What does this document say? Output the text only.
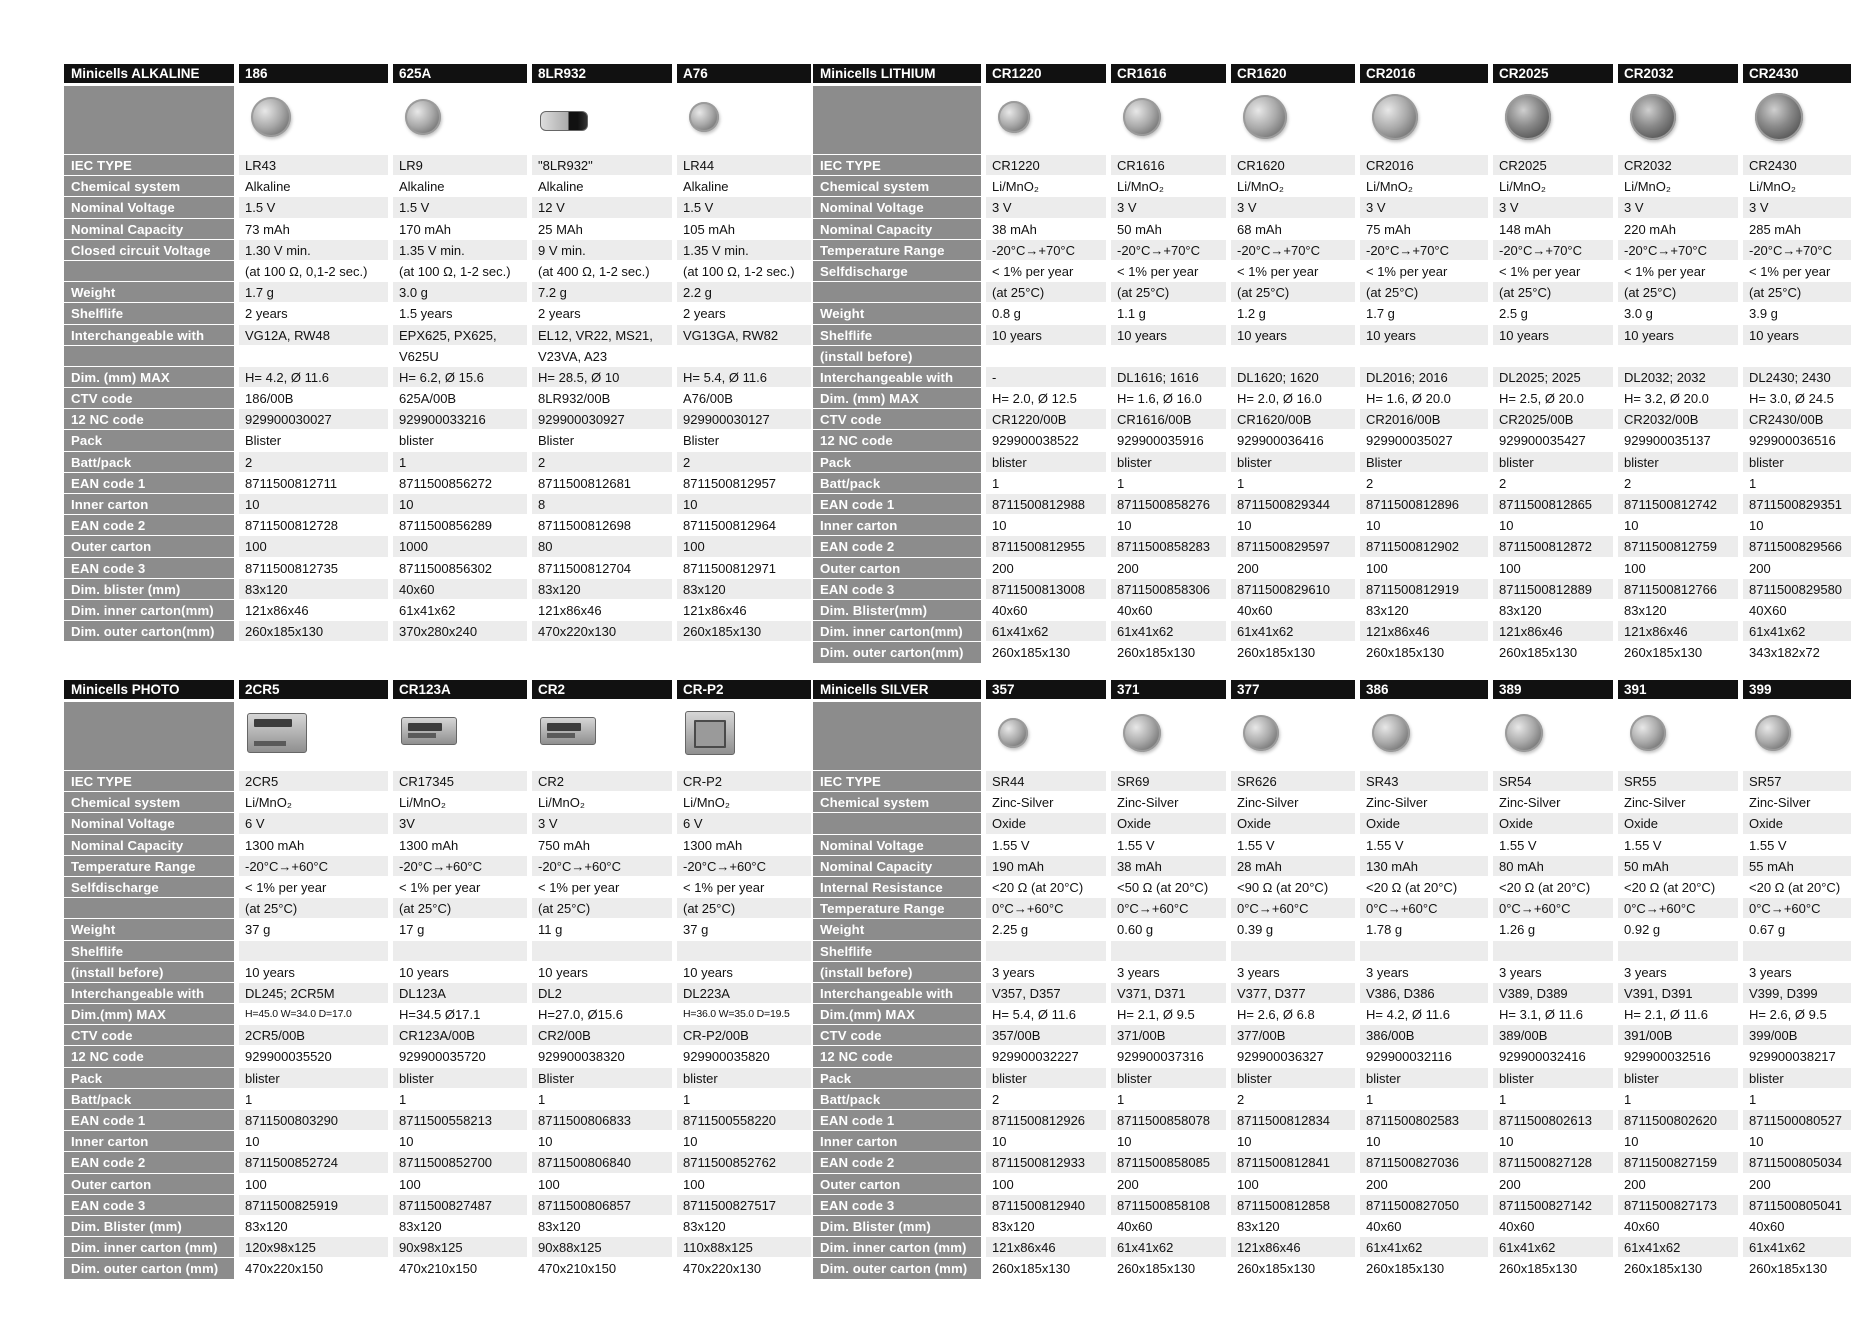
Minicells ALKALINE
IEC TYPE
Chemical system
Nominal Voltage
Nominal Capacity
Closed circuit Voltage
Weight
Shelflife
Interchangeable with
Dim. (mm) MAX
CTV code
12 NC code
Pack
Batt/pack
EAN code 1
Inner carton
EAN code 2
Outer carton
EAN code 3
Dim. blister (mm)
Dim. inner carton(mm)
Dim. outer carton(mm)
186
LR43
Alkaline
1.5 V
73 mAh
1.30 V min.
(at 100 Ω, 0,1-2 sec.)
1.7 g
2 years
VG12A, RW48
H= 4.2, Ø 11.6
186/00B
929900030027
Blister
2
8711500812711
10
8711500812728
100
8711500812735
83x120
121x86x46
260x185x130
625A
LR9
Alkaline
1.5 V
170 mAh
1.35 V min.
(at 100 Ω, 1-2 sec.)
3.0 g
1.5 years
EPX625, PX625,
V625U
H= 6.2, Ø 15.6
625A/00B
929900033216
blister
1
8711500856272
10
8711500856289
1000
8711500856302
40x60
61x41x62
370x280x240
8LR932
"8LR932"
Alkaline
12 V
25 MAh
9 V min.
(at 400 Ω, 1-2 sec.)
7.2 g
2 years
EL12, VR22, MS21,
V23VA, A23
H= 28.5, Ø 10
8LR932/00B
929900030927
Blister
2
8711500812681
8
8711500812698
80
8711500812704
83x120
121x86x46
470x220x130
A76
LR44
Alkaline
1.5 V
105 mAh
1.35 V min.
(at 100 Ω, 1-2 sec.)
2.2 g
2 years
VG13GA, RW82
H= 5.4, Ø 11.6
A76/00B
929900030127
Blister
2
8711500812957
10
8711500812964
100
8711500812971
83x120
121x86x46
260x185x130
Minicells LITHIUM
IEC TYPE
Chemical system
Nominal Voltage
Nominal Capacity
Temperature Range
Selfdischarge
Weight
Shelflife
(install before)
Interchangeable with
Dim. (mm) MAX
CTV code
12 NC code
Pack
Batt/pack
EAN code 1
Inner carton
EAN code 2
Outer carton
EAN code 3
Dim. Blister(mm)
Dim. inner carton(mm)
Dim. outer carton(mm)
CR1220
CR1220
Li/MnO₂
3 V
38 mAh
-20°C→+70°C
< 1% per year
(at 25°C)
0.8 g
10 years
-
H= 2.0, Ø 12.5
CR1220/00B
929900038522
blister
1
8711500812988
10
8711500812955
200
8711500813008
40x60
61x41x62
260x185x130
CR1616
CR1616
Li/MnO₂
3 V
50 mAh
-20°C→+70°C
< 1% per year
(at 25°C)
1.1 g
10 years
DL1616; 1616
H= 1.6, Ø 16.0
CR1616/00B
929900035916
blister
1
8711500858276
10
8711500858283
200
8711500858306
40x60
61x41x62
260x185x130
CR1620
CR1620
Li/MnO₂
3 V
68 mAh
-20°C→+70°C
< 1% per year
(at 25°C)
1.2 g
10 years
DL1620; 1620
H= 2.0, Ø 16.0
CR1620/00B
929900036416
blister
1
8711500829344
10
8711500829597
200
8711500829610
40x60
61x41x62
260x185x130
CR2016
CR2016
Li/MnO₂
3 V
75 mAh
-20°C→+70°C
< 1% per year
(at 25°C)
1.7 g
10 years
DL2016; 2016
H= 1.6, Ø 20.0
CR2016/00B
929900035027
Blister
2
8711500812896
10
8711500812902
100
8711500812919
83x120
121x86x46
260x185x130
CR2025
CR2025
Li/MnO₂
3 V
148 mAh
-20°C→+70°C
< 1% per year
(at 25°C)
2.5 g
10 years
DL2025; 2025
H= 2.5, Ø 20.0
CR2025/00B
929900035427
blister
2
8711500812865
10
8711500812872
100
8711500812889
83x120
121x86x46
260x185x130
CR2032
CR2032
Li/MnO₂
3 V
220 mAh
-20°C→+70°C
< 1% per year
(at 25°C)
3.0 g
10 years
DL2032; 2032
H= 3.2, Ø 20.0
CR2032/00B
929900035137
blister
2
8711500812742
10
8711500812759
100
8711500812766
83x120
121x86x46
260x185x130
CR2430
CR2430
Li/MnO₂
3 V
285 mAh
-20°C→+70°C
< 1% per year
(at 25°C)
3.9 g
10 years
DL2430; 2430
H= 3.0, Ø 24.5
CR2430/00B
929900036516
blister
1
8711500829351
10
8711500829566
200
8711500829580
40X60
61x41x62
343x182x72
Minicells PHOTO
IEC TYPE
Chemical system
Nominal Voltage
Nominal Capacity
Temperature Range
Selfdischarge
Weight
Shelflife
(install before)
Interchangeable with
Dim.(mm) MAX
CTV code
12 NC code
Pack
Batt/pack
EAN code 1
Inner carton
EAN code 2
Outer carton
EAN code 3
Dim. Blister (mm)
Dim. inner carton (mm)
Dim. outer carton (mm)
2CR5
2CR5
Li/MnO₂
6 V
1300 mAh
-20°C→+60°C
< 1% per year
(at 25°C)
37 g
10 years
DL245; 2CR5M
H=45.0 W=34.0 D=17.0
2CR5/00B
929900035520
blister
1
8711500803290
10
8711500852724
100
8711500825919
83x120
120x98x125
470x220x150
CR123A
CR17345
Li/MnO₂
3V
1300 mAh
-20°C→+60°C
< 1% per year
(at 25°C)
17 g
10 years
DL123A
H=34.5 Ø17.1
CR123A/00B
929900035720
blister
1
8711500558213
10
8711500852700
100
8711500827487
83x120
90x98x125
470x210x150
CR2
CR2
Li/MnO₂
3 V
750 mAh
-20°C→+60°C
< 1% per year
(at 25°C)
11 g
10 years
DL2
H=27.0, Ø15.6
CR2/00B
929900038320
Blister
1
8711500806833
10
8711500806840
100
8711500806857
83x120
90x88x125
470x210x150
CR-P2
CR-P2
Li/MnO₂
6 V
1300 mAh
-20°C→+60°C
< 1% per year
(at 25°C)
37 g
10 years
DL223A
H=36.0 W=35.0 D=19.5
CR-P2/00B
929900035820
blister
1
8711500558220
10
8711500852762
100
8711500827517
83x120
110x88x125
470x220x130
Minicells SILVER
IEC TYPE
Chemical system
Nominal Voltage
Nominal Capacity
Internal Resistance
Temperature Range
Weight
Shelflife
(install before)
Interchangeable with
Dim.(mm) MAX
CTV code
12 NC code
Pack
Batt/pack
EAN code 1
Inner carton
EAN code 2
Outer carton
EAN code 3
Dim. Blister (mm)
Dim. inner carton (mm)
Dim. outer carton (mm)
357
SR44
Zinc-Silver
Oxide
1.55 V
190 mAh
<20 Ω (at 20°C)
0°C→+60°C
2.25 g
3 years
V357, D357
H= 5.4, Ø 11.6
357/00B
929900032227
blister
2
8711500812926
10
8711500812933
100
8711500812940
83x120
121x86x46
260x185x130
371
SR69
Zinc-Silver
Oxide
1.55 V
38 mAh
<50 Ω (at 20°C)
0°C→+60°C
0.60 g
3 years
V371, D371
H= 2.1, Ø 9.5
371/00B
929900037316
blister
1
8711500858078
10
8711500858085
200
8711500858108
40x60
61x41x62
260x185x130
377
SR626
Zinc-Silver
Oxide
1.55 V
28 mAh
<90 Ω (at 20°C)
0°C→+60°C
0.39 g
3 years
V377, D377
H= 2.6, Ø 6.8
377/00B
929900036327
blister
2
8711500812834
10
8711500812841
100
8711500812858
83x120
121x86x46
260x185x130
386
SR43
Zinc-Silver
Oxide
1.55 V
130 mAh
<20 Ω (at 20°C)
0°C→+60°C
1.78 g
3 years
V386, D386
H= 4.2, Ø 11.6
386/00B
929900032116
blister
1
8711500802583
10
8711500827036
200
8711500827050
40x60
61x41x62
260x185x130
389
SR54
Zinc-Silver
Oxide
1.55 V
80 mAh
<20 Ω (at 20°C)
0°C→+60°C
1.26 g
3 years
V389, D389
H= 3.1, Ø 11.6
389/00B
929900032416
blister
1
8711500802613
10
8711500827128
200
8711500827142
40x60
61x41x62
260x185x130
391
SR55
Zinc-Silver
Oxide
1.55 V
50 mAh
<20 Ω (at 20°C)
0°C→+60°C
0.92 g
3 years
V391, D391
H= 2.1, Ø 11.6
391/00B
929900032516
blister
1
8711500802620
10
8711500827159
200
8711500827173
40x60
61x41x62
260x185x130
399
SR57
Zinc-Silver
Oxide
1.55 V
55 mAh
<20 Ω (at 20°C)
0°C→+60°C
0.67 g
3 years
V399, D399
H= 2.6, Ø 9.5
399/00B
929900038217
blister
1
8711500080527
10
8711500805034
200
8711500805041
40x60
61x41x62
260x185x130
